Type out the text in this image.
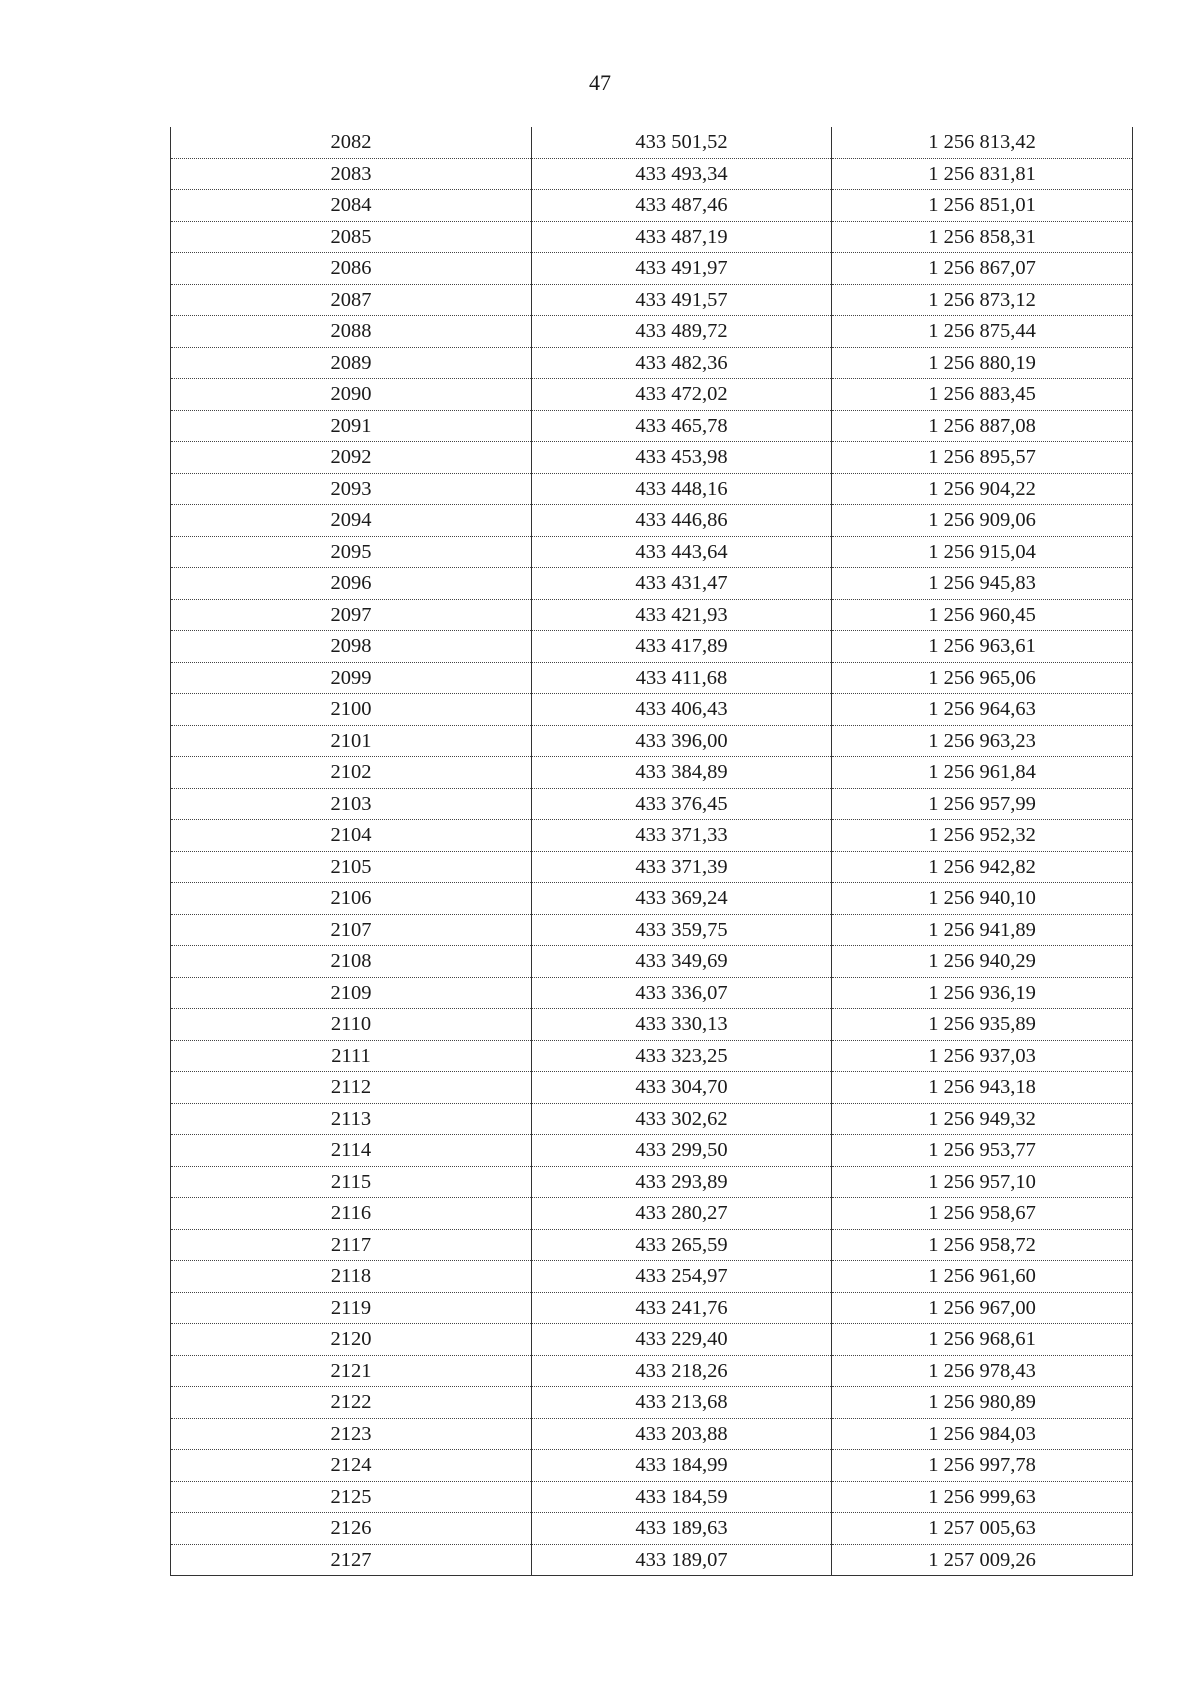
47
2082	433 501,52	1 256 813,42
2083	433 493,34	1 256 831,81
2084	433 487,46	1 256 851,01
2085	433 487,19	1 256 858,31
2086	433 491,97	1 256 867,07
2087	433 491,57	1 256 873,12
2088	433 489,72	1 256 875,44
2089	433 482,36	1 256 880,19
2090	433 472,02	1 256 883,45
2091	433 465,78	1 256 887,08
2092	433 453,98	1 256 895,57
2093	433 448,16	1 256 904,22
2094	433 446,86	1 256 909,06
2095	433 443,64	1 256 915,04
2096	433 431,47	1 256 945,83
2097	433 421,93	1 256 960,45
2098	433 417,89	1 256 963,61
2099	433 411,68	1 256 965,06
2100	433 406,43	1 256 964,63
2101	433 396,00	1 256 963,23
2102	433 384,89	1 256 961,84
2103	433 376,45	1 256 957,99
2104	433 371,33	1 256 952,32
2105	433 371,39	1 256 942,82
2106	433 369,24	1 256 940,10
2107	433 359,75	1 256 941,89
2108	433 349,69	1 256 940,29
2109	433 336,07	1 256 936,19
2110	433 330,13	1 256 935,89
2111	433 323,25	1 256 937,03
2112	433 304,70	1 256 943,18
2113	433 302,62	1 256 949,32
2114	433 299,50	1 256 953,77
2115	433 293,89	1 256 957,10
2116	433 280,27	1 256 958,67
2117	433 265,59	1 256 958,72
2118	433 254,97	1 256 961,60
2119	433 241,76	1 256 967,00
2120	433 229,40	1 256 968,61
2121	433 218,26	1 256 978,43
2122	433 213,68	1 256 980,89
2123	433 203,88	1 256 984,03
2124	433 184,99	1 256 997,78
2125	433 184,59	1 256 999,63
2126	433 189,63	1 257 005,63
2127	433 189,07	1 257 009,26
